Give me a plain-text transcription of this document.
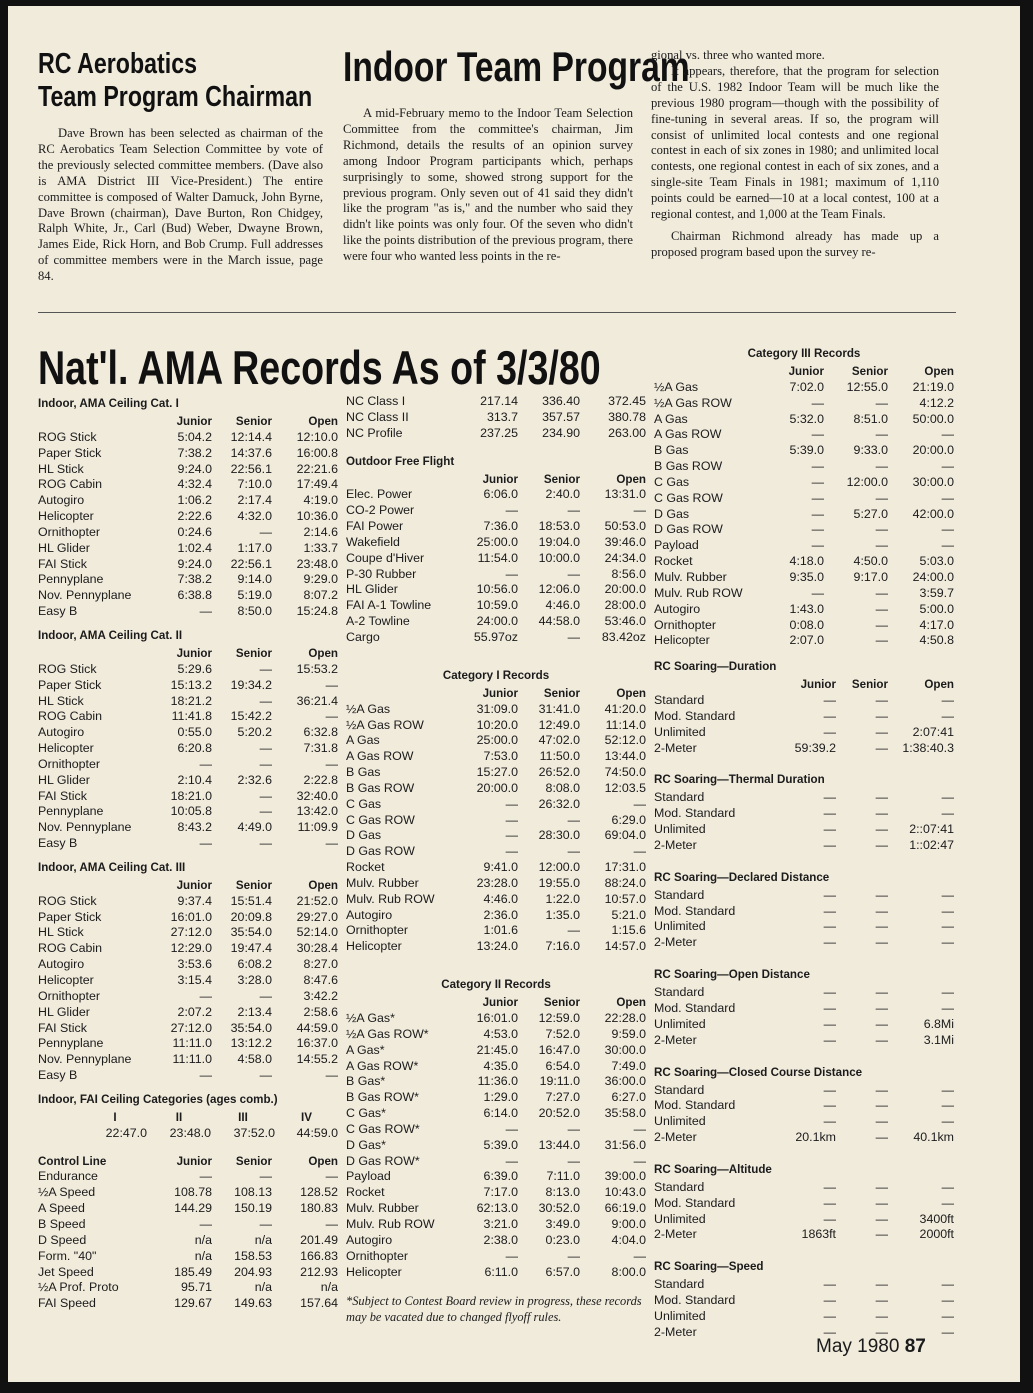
RC Aerobatics
Team Program Chairman

Dave Brown has been selected as chairman of the RC Aerobatics Team Selection Committee by vote of the previously selected committee members. (Dave also is AMA District III Vice-President.) The entire committee is composed of Walter Damuck, John Byrne, Dave Brown (chairman), Dave Burton, Ron Chidgey, Ralph White, Jr., Carl (Bud) Weber, Dwayne Brown, James Eide, Rick Horn, and Bob Crump. Full addresses of committee members were in the March issue, page 84.

Indoor Team Program

A mid-February memo to the Indoor Team Selection Committee from the committee's chairman, Jim Richmond, details the results of an opinion survey among Indoor Program participants which, perhaps surprisingly to some, showed strong support for the previous program. Only seven out of 41 said they didn't like the program "as is," and the number who said they didn't like points was only four. Of the seven who didn't like the points distribution of the previous program, there were four who wanted less points in the re-

gional vs. three who wanted more.

It appears, therefore, that the program for selection of the U.S. 1982 Indoor Team will be much like the previous 1980 program—though with the possibility of fine-tuning in several areas. If so, the program will consist of unlimited local contests and one regional contest in each of six zones in 1980; and unlimited local contests, one regional contest in each of six zones, and a single-site Team Finals in 1981; maximum of 1,110 points could be earned—10 at a local contest, 100 at a regional contest, and 1,000 at the Team Finals.

Chairman Richmond already has made up a proposed program based upon the survey re-

Nat'l. AMA Records As of 3/3/80
Indoor, AMA Ceiling Cat. I
	Junior	Senior	Open
ROG Stick	5:04.2	12:14.4	12:10.0
Paper Stick	7:38.2	14:37.6	16:00.8
HL Stick	9:24.0	22:56.1	22:21.6
ROG Cabin	4:32.4	7:10.0	17:49.4
Autogiro	1:06.2	2:17.4	4:19.0
Helicopter	2:22.6	4:32.0	10:36.0
Ornithopter	0:24.6	—	2:14.6
HL Glider	1:02.4	1:17.0	1:33.7
FAI Stick	9:24.0	22:56.1	23:48.0
Pennyplane	7:38.2	9:14.0	9:29.0
Nov. Pennyplane	6:38.8	5:19.0	8:07.2
Easy B	—	8:50.0	15:24.8
Indoor, AMA Ceiling Cat. II
	Junior	Senior	Open
ROG Stick	5:29.6	—	15:53.2
Paper Stick	15:13.2	19:34.2	—
HL Stick	18:21.2	—	36:21.4
ROG Cabin	11:41.8	15:42.2	—
Autogiro	0:55.0	5:20.2	6:32.8
Helicopter	6:20.8	—	7:31.8
Ornithopter	—	—	—
HL Glider	2:10.4	2:32.6	2:22.8
FAI Stick	18:21.0	—	32:40.0
Pennyplane	10:05.8	—	13:42.0
Nov. Pennyplane	8:43.2	4:49.0	11:09.9
Easy B	—	—	—
Indoor, AMA Ceiling Cat. III
	Junior	Senior	Open
ROG Stick	9:37.4	15:51.4	21:52.0
Paper Stick	16:01.0	20:09.8	29:27.0
HL Stick	27:12.0	35:54.0	52:14.0
ROG Cabin	12:29.0	19:47.4	30:28.4
Autogiro	3:53.6	6:08.2	8:27.0
Helicopter	3:15.4	3:28.0	8:47.6
Ornithopter	—	—	3:42.2
HL Glider	2:07.2	2:13.4	2:58.6
FAI Stick	27:12.0	35:54.0	44:59.0
Pennyplane	11:11.0	13:12.2	16:37.0
Nov. Pennyplane	11:11.0	4:58.0	14:55.2
Easy B	—	—	—
Indoor, FAI Ceiling Categories (ages comb.)
	I	II	III	IV
	22:47.0	23:48.0	37:52.0	44:59.0
Control Line	Junior	Senior	Open
Endurance	—	—	—
½A Speed	108.78	108.13	128.52
A Speed	144.29	150.19	180.83
B Speed	—	—	—
D Speed	n/a	n/a	201.49
Form. "40"	n/a	158.53	166.83
Jet Speed	185.49	204.93	212.93
½A Prof. Proto	95.71	n/a	n/a
FAI Speed	129.67	149.63	157.64
NC Class I	217.14	336.40	372.45
NC Class II	313.7	357.57	380.78
NC Profile	237.25	234.90	263.00
Outdoor Free Flight
	Junior	Senior	Open
Elec. Power	6:06.0	2:40.0	13:31.0
CO-2 Power	—	—	—
FAI Power	7:36.0	18:53.0	50:53.0
Wakefield	25:00.0	19:04.0	39:46.0
Coupe d'Hiver	11:54.0	10:00.0	24:34.0
P-30 Rubber	—	—	8:56.0
HL Glider	10:56.0	12:06.0	20:00.0
FAI A-1 Towline	10:59.0	4:46.0	28:00.0
A-2 Towline	24:00.0	44:58.0	53:46.0
Cargo	55.97oz	—	83.42oz
Category I Records
	Junior	Senior	Open
½A Gas	31:09.0	31:41.0	41:20.0
½A Gas ROW	10:20.0	12:49.0	11:14.0
A Gas	25:00.0	47:02.0	52:12.0
A Gas ROW	7:53.0	11:50.0	13:44.0
B Gas	15:27.0	26:52.0	74:50.0
B Gas ROW	20:00.0	8:08.0	12:03.5
C Gas	—	26:32.0	—
C Gas ROW	—	—	6:29.0
D Gas	—	28:30.0	69:04.0
D Gas ROW	—	—	—
Rocket	9:41.0	12:00.0	17:31.0
Mulv. Rubber	23:28.0	19:55.0	88:24.0
Mulv. Rub ROW	4:46.0	1:22.0	10:57.0
Autogiro	2:36.0	1:35.0	5:21.0
Ornithopter	1:01.6	—	1:15.6
Helicopter	13:24.0	7:16.0	14:57.0
Category II Records
	Junior	Senior	Open
½A Gas*	16:01.0	12:59.0	22:28.0
½A Gas ROW*	4:53.0	7:52.0	9:59.0
A Gas*	21:45.0	16:47.0	30:00.0
A Gas ROW*	4:35.0	6:54.0	7:49.0
B Gas*	11:36.0	19:11.0	36:00.0
B Gas ROW*	1:29.0	7:27.0	6:27.0
C Gas*	6:14.0	20:52.0	35:58.0
C Gas ROW*	—	—	—
D Gas*	5:39.0	13:44.0	31:56.0
D Gas ROW*	—	—	—
Payload	6:39.0	7:11.0	39:00.0
Rocket	7:17.0	8:13.0	10:43.0
Mulv. Rubber	62:13.0	30:52.0	66:19.0
Mulv. Rub ROW	3:21.0	3:49.0	9:00.0
Autogiro	2:38.0	0:23.0	4:04.0
Ornithopter	—	—	—
Helicopter	6:11.0	6:57.0	8:00.0

*Subject to Contest Board review in progress, these records may be vacated due to changed flyoff rules.

Category III Records
	Junior	Senior	Open
½A Gas	7:02.0	12:55.0	21:19.0
½A Gas ROW	—	—	4:12.2
A Gas	5:32.0	8:51.0	50:00.0
A Gas ROW	—	—	—
B Gas	5:39.0	9:33.0	20:00.0
B Gas ROW	—	—	—
C Gas	—	12:00.0	30:00.0
C Gas ROW	—	—	—
D Gas	—	5:27.0	42:00.0
D Gas ROW	—	—	—
Payload	—	—	—
Rocket	4:18.0	4:50.0	5:03.0
Mulv. Rubber	9:35.0	9:17.0	24:00.0
Mulv. Rub ROW	—	—	3:59.7
Autogiro	1:43.0	—	5:00.0
Ornithopter	0:08.0	—	4:17.0
Helicopter	2:07.0	—	4:50.8
RC Soaring—Duration
	Junior	Senior	Open
Standard	—	—	—
Mod. Standard	—	—	—
Unlimited	—	—	2:07:41
2-Meter	59:39.2	—	1:38:40.3
RC Soaring—Thermal Duration
Standard	—	—	—
Mod. Standard	—	—	—
Unlimited	—	—	2::07:41
2-Meter	—	—	1::02:47
RC Soaring—Declared Distance
Standard	—	—	—
Mod. Standard	—	—	—
Unlimited	—	—	—
2-Meter	—	—	—
RC Soaring—Open Distance
Standard	—	—	—
Mod. Standard	—	—	—
Unlimited	—	—	6.8Mi
2-Meter	—	—	3.1Mi
RC Soaring—Closed Course Distance
Standard	—	—	—
Mod. Standard	—	—	—
Unlimited	—	—	—
2-Meter	20.1km	—	40.1km
RC Soaring—Altitude
Standard	—	—	—
Mod. Standard	—	—	—
Unlimited	—	—	3400ft
2-Meter	1863ft	—	2000ft
RC Soaring—Speed
Standard	—	—	—
Mod. Standard	—	—	—
Unlimited	—	—	—
2-Meter	—	—	—
May 1980 87
